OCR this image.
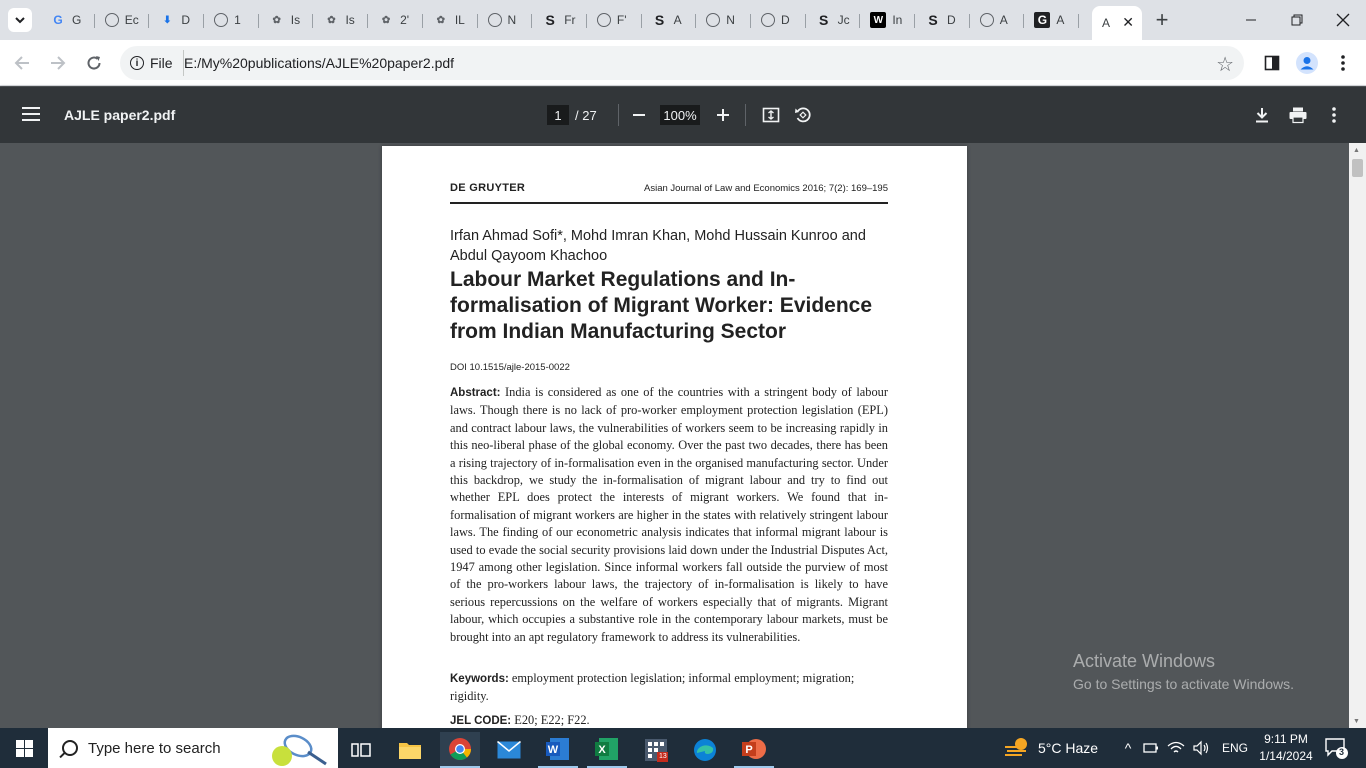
G G	Ec	⬇ D	1	✿ Is	✿ Is	✿ 2'	✿ IL	N S Fr	F' S A	N	D S Jc	W In S D	A	G A	A ✕ +
i File E:/My%20publications/AJLE%20paper2.pdf	☆
AJLE paper2.pdf	1	/ 27	100%
DE GRUYTER	Asian Journal of Law and Economics 2016; 7(2): 169–195
Irfan Ahmad Sofi*, Mohd Imran Khan, Mohd Hussain Kunroo and Abdul Qayoom Khachoo
Labour Market Regulations and In-formalisation of Migrant Worker: Evidence from Indian Manufacturing Sector
DOI 10.1515/ajle-2015-0022
Abstract: India is considered as one of the countries with a stringent body of labour laws. Though there is no lack of pro-worker employment protection legislation (EPL) and contract labour laws, the vulnerabilities of workers seem to be increasing rapidly in this neo-liberal phase of the global economy. Over the past two decades, there has been a rising trajectory of in-formalisation even in the organised manufacturing sector. Under this backdrop, we study the in-formalisation of migrant labour and try to find out whether EPL does protect the interests of migrant workers. We found that in-formalisation of migrant workers are higher in the states with relatively stringent labour laws. The finding of our econometric analysis indicates that informal migrant labour is used to evade the social security provisions laid down under the Industrial Disputes Act, 1947 among other legislation. Since informal workers fall outside the purview of most of the pro-workers labour laws, the trajectory of in-formalisation is likely to have serious repercussions on the welfare of workers especially that of migrants. Migrant labour, which occupies a substantive role in the contemporary labour markets, must be brought into an apt regulatory framework to address its vulnerabilities.
Keywords: employment protection legislation; informal employment; migration; rigidity.
JEL CODE: E20; E22; F22.
Activate Windows
Go to Settings to activate Windows.
▲
▼
Type here to search	W	X
13
P	5°C Haze	^	ENG
9:11 PM
1/14/2024	3
